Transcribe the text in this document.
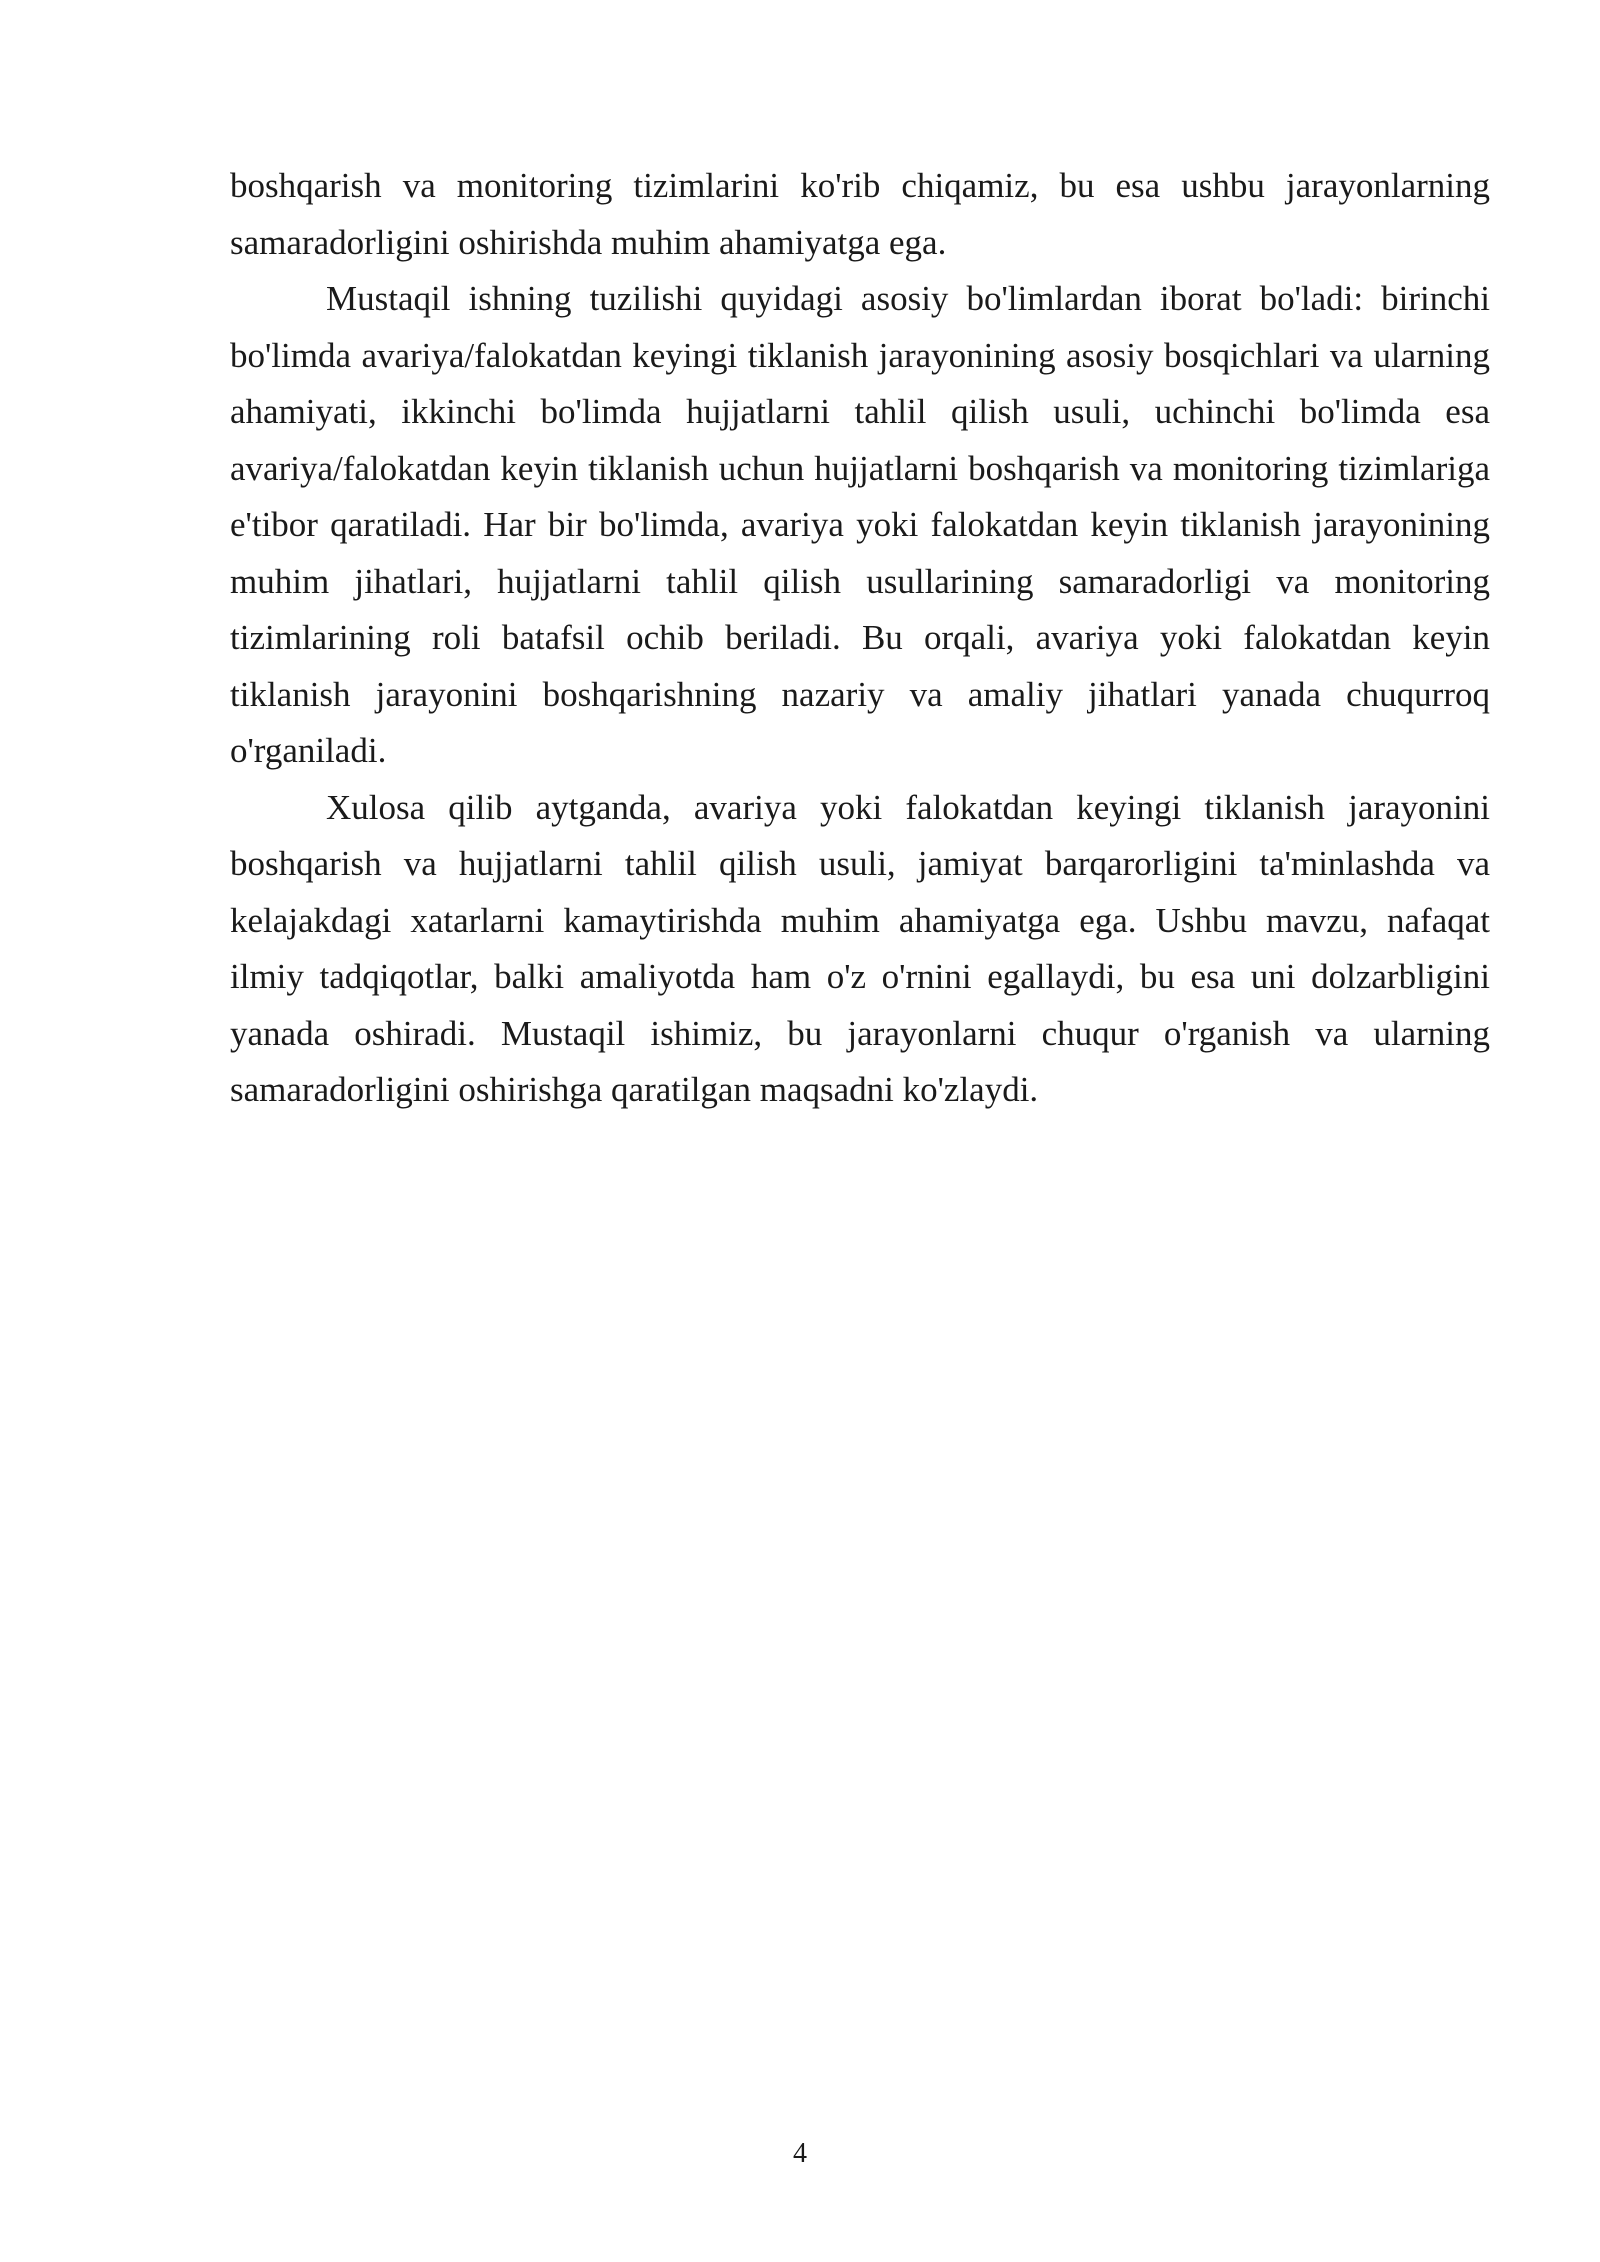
boshqarish va monitoring tizimlarini ko'rib chiqamiz, bu esa ushbu jarayonlarning samaradorligini oshirishda muhim ahamiyatga ega.

Mustaqil ishning tuzilishi quyidagi asosiy bo'limlardan iborat bo'ladi: birinchi bo'limda avariya/falokatdan keyingi tiklanish jarayonining asosiy bosqichlari va ularning ahamiyati, ikkinchi bo'limda hujjatlarni tahlil qilish usuli, uchinchi bo'limda esa avariya/falokatdan keyin tiklanish uchun hujjatlarni boshqarish va monitoring tizimlariga e'tibor qaratiladi. Har bir bo'limda, avariya yoki falokatdan keyin tiklanish jarayonining muhim jihatlari, hujjatlarni tahlil qilish usullarining samaradorligi va monitoring tizimlarining roli batafsil ochib beriladi. Bu orqali, avariya yoki falokatdan keyin tiklanish jarayonini boshqarishning nazariy va amaliy jihatlari yanada chuqurroq o'rganiladi.

Xulosa qilib aytganda, avariya yoki falokatdan keyingi tiklanish jarayonini boshqarish va hujjatlarni tahlil qilish usuli, jamiyat barqarorligini ta'minlashda va kelajakdagi xatarlarni kamaytirishda muhim ahamiyatga ega. Ushbu mavzu, nafaqat ilmiy tadqiqotlar, balki amaliyotda ham o'z o'rnini egallaydi, bu esa uni dolzarbligini yanada oshiradi. Mustaqil ishimiz, bu jarayonlarni chuqur o'rganish va ularning samaradorligini oshirishga qaratilgan maqsadni ko'zlaydi.

4
